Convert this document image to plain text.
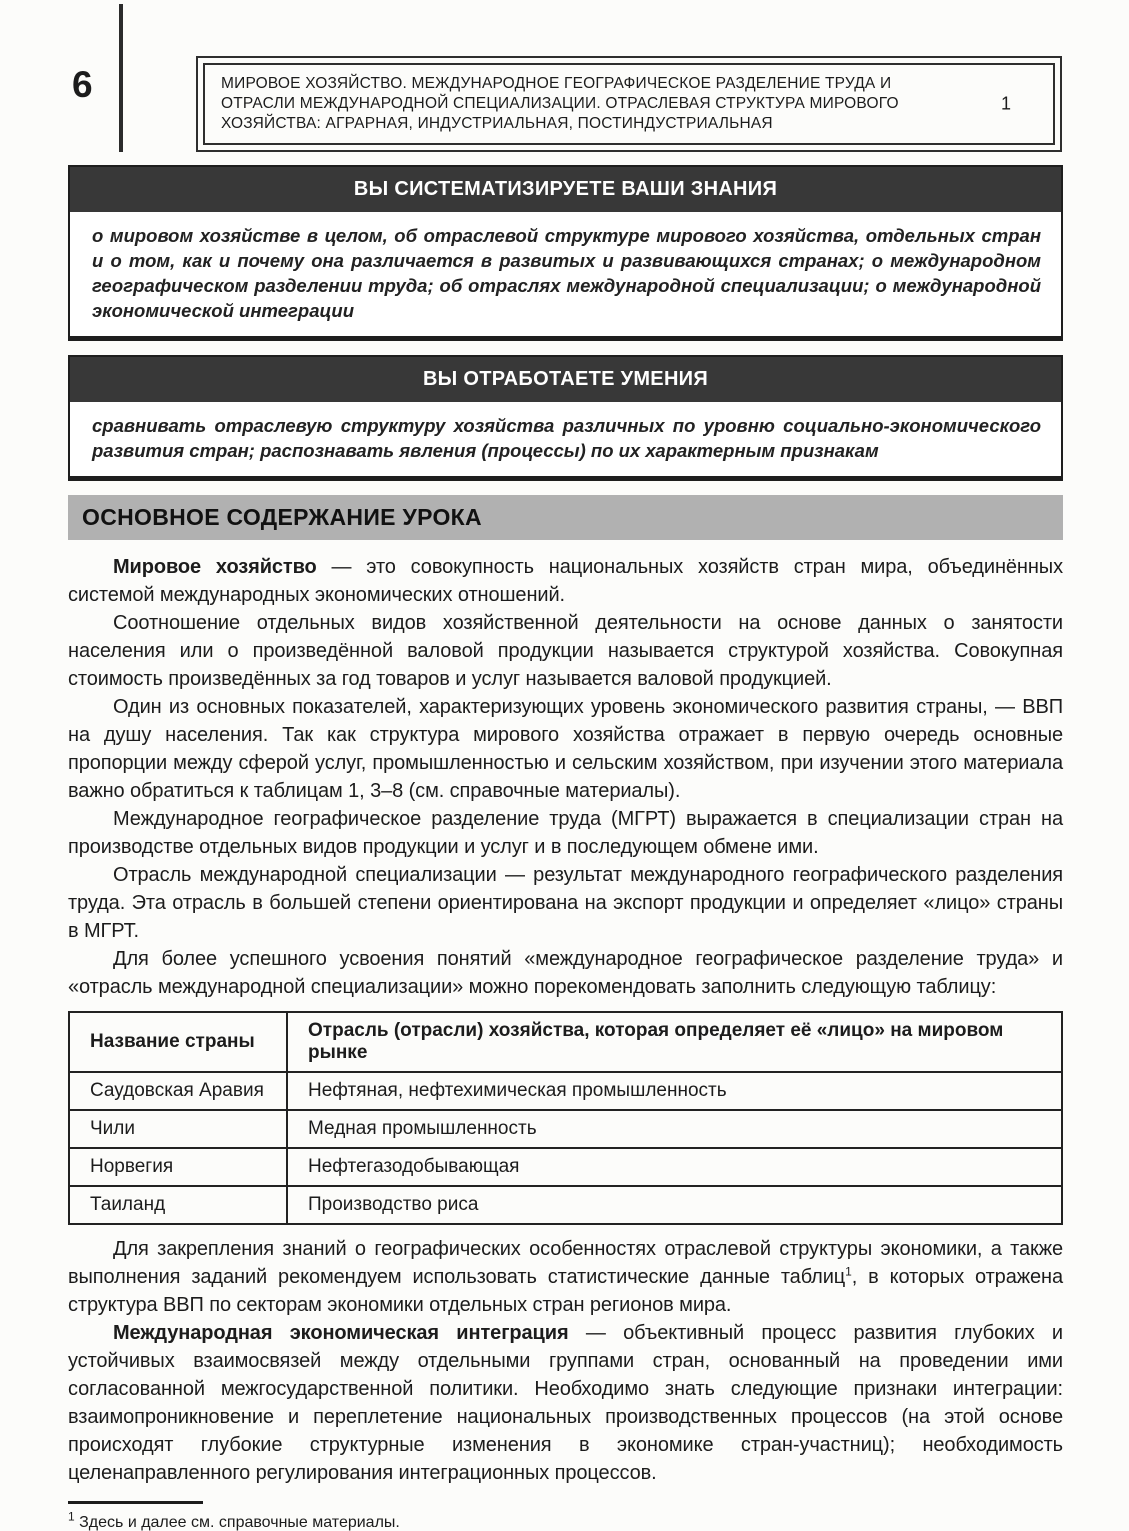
6	МИРОВОЕ ХОЗЯЙСТВО. МЕЖДУНАРОДНОЕ ГЕОГРАФИЧЕСКОЕ РАЗДЕЛЕНИЕ ТРУДА И ОТРАСЛИ МЕЖДУНАРОДНОЙ СПЕЦИАЛИЗАЦИИ. ОТРАСЛЕВАЯ СТРУКТУРА МИРОВОГО ХОЗЯЙСТВА: АГРАРНАЯ, ИНДУСТРИАЛЬНАЯ, ПОСТИНДУСТРИАЛЬНАЯ
1
ВЫ СИСТЕМАТИЗИРУЕТЕ ВАШИ ЗНАНИЯ
о мировом хозяйстве в целом, об отраслевой структуре мирового хозяйства, отдельных стран и о том, как и почему она различается в развитых и развивающихся странах; о международном географическом разделении труда; об отраслях международной специализации; о международной экономической интеграции
ВЫ ОТРАБОТАЕТЕ УМЕНИЯ
сравнивать отраслевую структуру хозяйства различных по уровню социально-экономического развития стран; распознавать явления (процессы) по их характерным признакам
ОСНОВНОЕ СОДЕРЖАНИЕ УРОКА

Мировое хозяйство — это совокупность национальных хозяйств стран мира, объединённых системой международных экономических отношений.

Соотношение отдельных видов хозяйственной деятельности на основе данных о занятости населения или о произведённой валовой продукции называется структурой хозяйства. Совокупная стоимость произведённых за год товаров и услуг называется валовой продукцией.

Один из основных показателей, характеризующих уровень экономического развития страны, — ВВП на душу населения. Так как структура мирового хозяйства отражает в первую очередь основные пропорции между сферой услуг, промышленностью и сельским хозяйством, при изучении этого материала важно обратиться к таблицам 1, 3–8 (см. справочные материалы).

Международное географическое разделение труда (МГРТ) выражается в специализации стран на производстве отдельных видов продукции и услуг и в последующем обмене ими.

Отрасль международной специализации — результат международного географического разделения труда. Эта отрасль в большей степени ориентирована на экспорт продукции и определяет «лицо» страны в МГРТ.

Для более успешного усвоения понятий «международное географическое разделение труда» и «отрасль международной специализации» можно порекомендовать заполнить следующую таблицу:

Название страны	Отрасль (отрасли) хозяйства, которая определяет её «лицо» на мировом рынке
Саудовская Аравия	Нефтяная, нефтехимическая промышленность
Чили	Медная промышленность
Норвегия	Нефтегазодобывающая
Таиланд	Производство риса

Для закрепления знаний о географических особенностях отраслевой структуры экономики, а также выполнения заданий рекомендуем использовать статистические данные таблиц$^1$, в которых отражена структура ВВП по секторам экономики отдельных стран регионов мира.

Международная экономическая интеграция — объективный процесс развития глубоких и устойчивых взаимосвязей между отдельными группами стран, основанный на проведении ими согласованной межгосударственной политики. Необходимо знать следующие признаки интеграции: взаимопроникновение и переплетение национальных производственных процессов (на этой основе происходят глубокие структурные изменения в экономике стран-участниц); необходимость целенаправленного регулирования интеграционных процессов.

$^1$ Здесь и далее см. справочные материалы.
